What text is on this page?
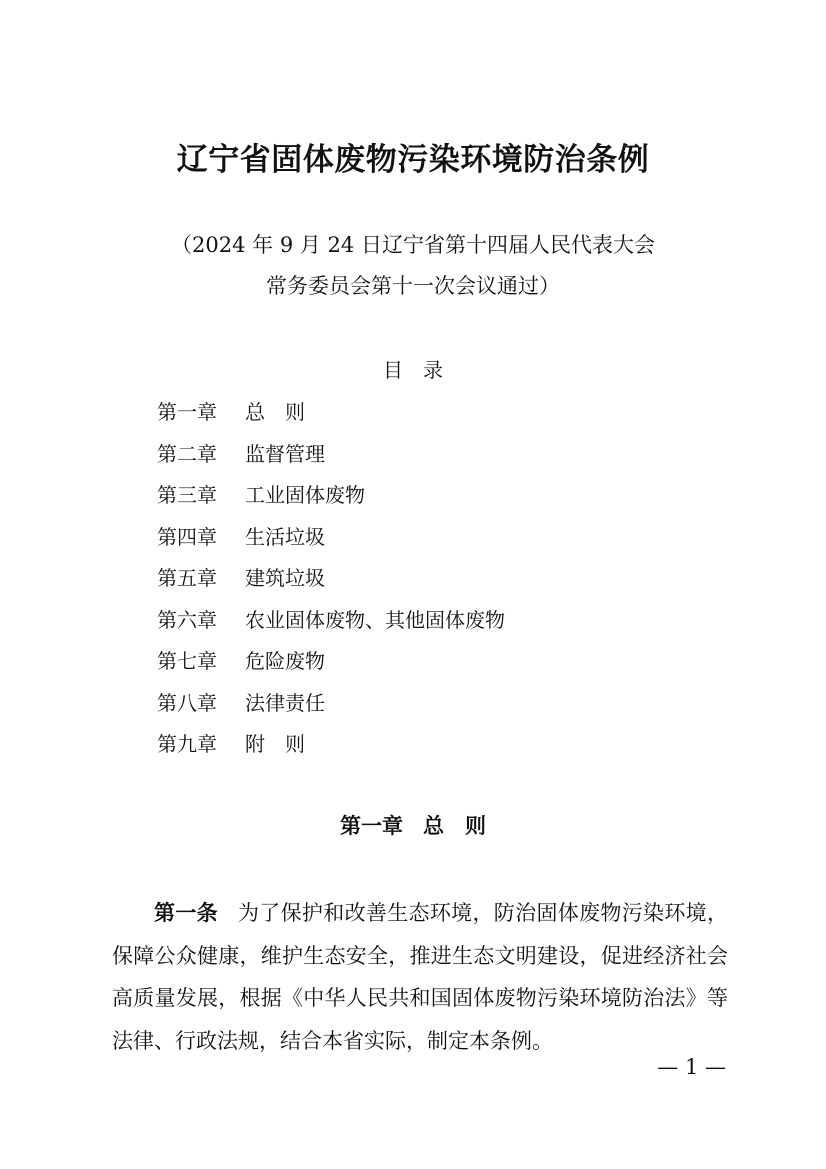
辽宁省固体废物污染环境防治条例
（2024 年 9 月 24 日辽宁省第十四届人民代表大会
常务委员会第十一次会议通过）
目　录
第一章 总　则
第二章 监督管理
第三章 工业固体废物
第四章 生活垃圾
第五章 建筑垃圾
第六章 农业固体废物、其他固体废物
第七章 危险废物
第八章 法律责任
第九章 附　则
第一章 总　则

第一条 为了保护和改善生态环境，防治固体废物污染环境，保障公众健康，维护生态安全，推进生态文明建设，促进经济社会高质量发展，根据《中华人民共和国固体废物污染环境防治法》等法律、行政法规，结合本省实际，制定本条例。

— 1 —
